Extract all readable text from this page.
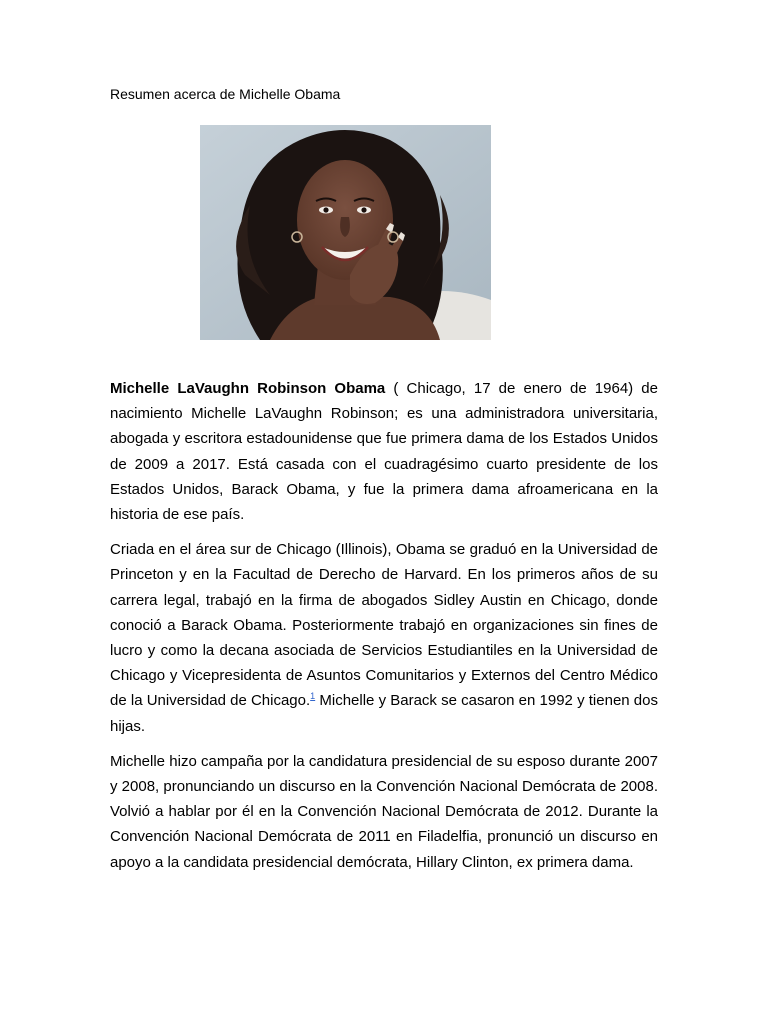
Resumen acerca de Michelle Obama

Michelle LaVaughn Robinson Obama ( Chicago, 17 de enero de 1964) de nacimiento Michelle LaVaughn Robinson; es una administradora universitaria, abogada y escritora estadounidense que fue primera dama de los Estados Unidos de 2009 a 2017. Está casada con el cuadragésimo cuarto presidente de los Estados Unidos, Barack Obama, y fue la primera dama afroamericana en la historia de ese país.

Criada en el área sur de Chicago (Illinois), Obama se graduó en la Universidad de Princeton y en la Facultad de Derecho de Harvard. En los primeros años de su carrera legal, trabajó en la firma de abogados Sidley Austin en Chicago, donde conoció a Barack Obama. Posteriormente trabajó en organizaciones sin fines de lucro y como la decana asociada de Servicios Estudiantiles en la Universidad de Chicago y Vicepresidenta de Asuntos Comunitarios y Externos del Centro Médico de la Universidad de Chicago.$^1$ Michelle y Barack se casaron en 1992 y tienen dos hijas.

Michelle hizo campaña por la candidatura presidencial de su esposo durante 2007 y 2008, pronunciando un discurso en la Convención Nacional Demócrata de 2008. Volvió a hablar por él en la Convención Nacional Demócrata de 2012. Durante la Convención Nacional Demócrata de 2011 en Filadelfia, pronunció un discurso en apoyo a la candidata presidencial demócrata, Hillary Clinton, ex primera dama.
